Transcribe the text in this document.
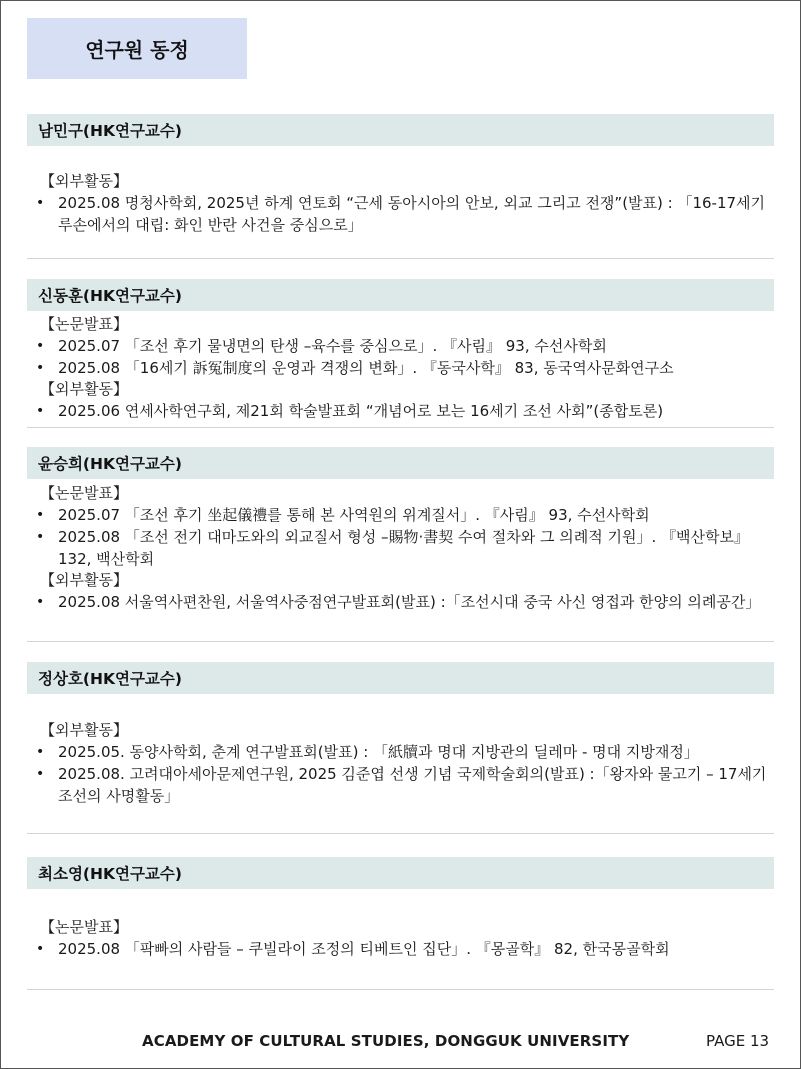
연구원 동정
남민구(HK연구교수)
【외부활동】
• 2025.08 명청사학회, 2025년 하계 연토회 “근세 동아시아의 안보, 외교 그리고 전쟁”(발표) : 「16-17세기 루손에서의 대립: 화인 반란 사건을 중심으로」
신동훈(HK연구교수)
【논문발표】
• 2025.07 「조선 후기 물냉면의 탄생 –육수를 중심으로」. 『사림』 93, 수선사학회
• 2025.08 「16세기 訴冤制度의 운영과 격쟁의 변화」. 『동국사학』 83, 동국역사문화연구소
【외부활동】
• 2025.06 연세사학연구회, 제21회 학술발표회 “개념어로 보는 16세기 조선 사회”(종합토론)
윤승희(HK연구교수)
【논문발표】
• 2025.07 「조선 후기 坐起儀禮를 통해 본 사역원의 위계질서」. 『사림』 93, 수선사학회
• 2025.08 「조선 전기 대마도와의 외교질서 형성 –賜物·書契 수여 절차와 그 의례적 기원」. 『백산학보』 132, 백산학회
【외부활동】
• 2025.08 서울역사편찬원, 서울역사중점연구발표회(발표) :「조선시대 중국 사신 영접과 한양의 의례공간」
정상호(HK연구교수)
【외부활동】
• 2025.05. 동양사학회, 춘계 연구발표회(발표) : 「紙牘과 명대 지방관의 딜레마 - 명대 지방재정」
• 2025.08. 고려대아세아문제연구원, 2025 김준엽 선생 기념 국제학술회의(발표) :「왕자와 물고기 – 17세기 조선의 사명활동」
최소영(HK연구교수)
【논문발표】
• 2025.08 「팍빠의 사람들 – 쿠빌라이 조정의 티베트인 집단」. 『몽골학』 82, 한국몽골학회
ACADEMY OF CULTURAL STUDIES, DONGGUK UNIVERSITY	PAGE 13
